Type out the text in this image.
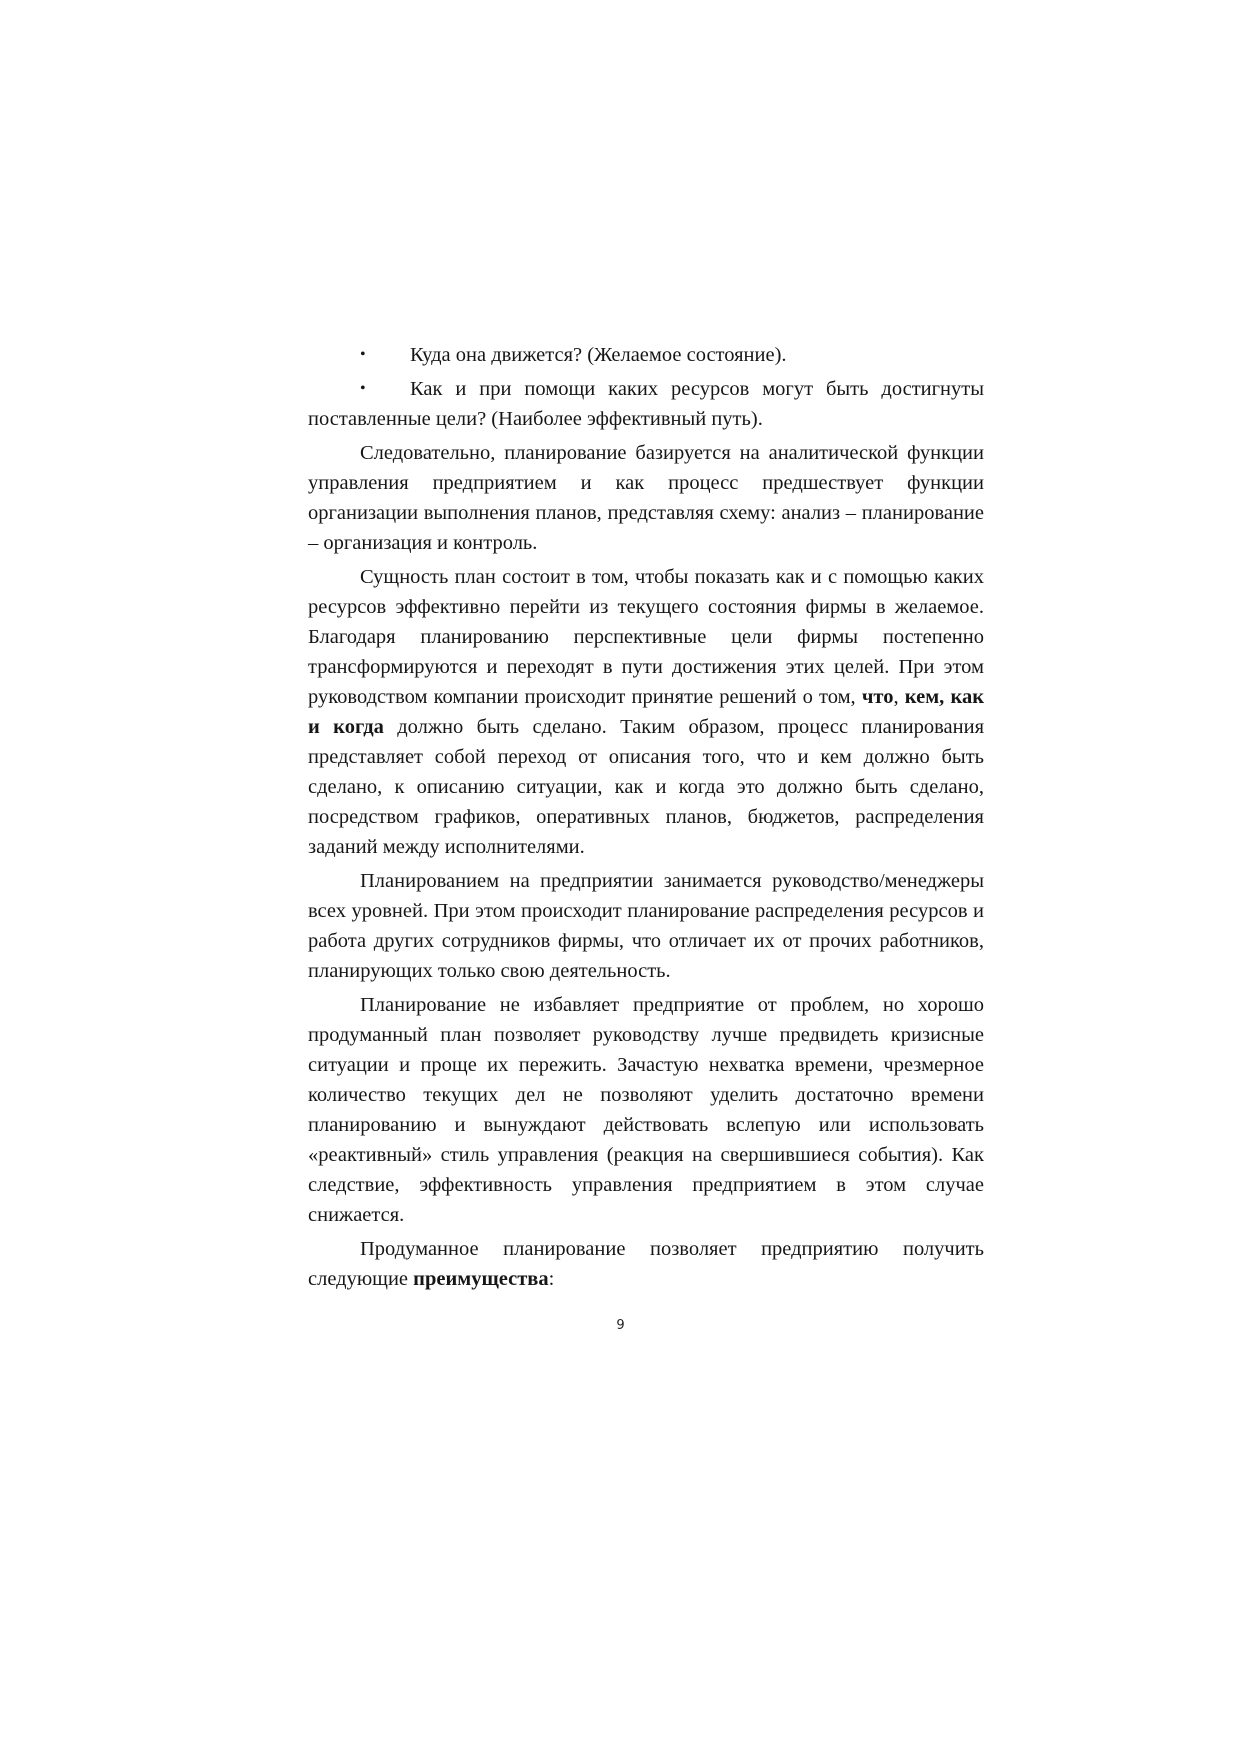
• Куда она движется? (Желаемое состояние).

• Как и при помощи каких ресурсов могут быть достигнуты поставленные цели? (Наиболее эффективный путь).

Следовательно, планирование базируется на аналитической функции управления предприятием и как процесс предшествует функции организации выполнения планов, представляя схему: анализ – планирование – организация и контроль.

Сущность план состоит в том, чтобы показать как и с помощью каких ресурсов эффективно перейти из текущего состояния фирмы в желаемое. Благодаря планированию перспективные цели фирмы постепенно трансформируются и переходят в пути достижения этих целей. При этом руководством компании происходит принятие решений о том, что, кем, как и когда должно быть сделано. Таким образом, процесс планирования представляет собой переход от описания того, что и кем должно быть сделано, к описанию ситуации, как и когда это должно быть сделано, посредством графиков, оперативных планов, бюджетов, распределения заданий между исполнителями.

Планированием на предприятии занимается руководство/менеджеры всех уровней. При этом происходит планирование распределения ресурсов и работа других сотрудников фирмы, что отличает их от прочих работников, планирующих только свою деятельность.

Планирование не избавляет предприятие от проблем, но хорошо продуманный план позволяет руководству лучше предвидеть кризисные ситуации и проще их пережить. Зачастую нехватка времени, чрезмерное количество текущих дел не позволяют уделить достаточно времени планированию и вынуждают действовать вслепую или использовать «реактивный» стиль управления (реакция на свершившиеся события). Как следствие, эффективность управления предприятием в этом случае снижается.

Продуманное планирование позволяет предприятию получить следующие преимущества:

9
